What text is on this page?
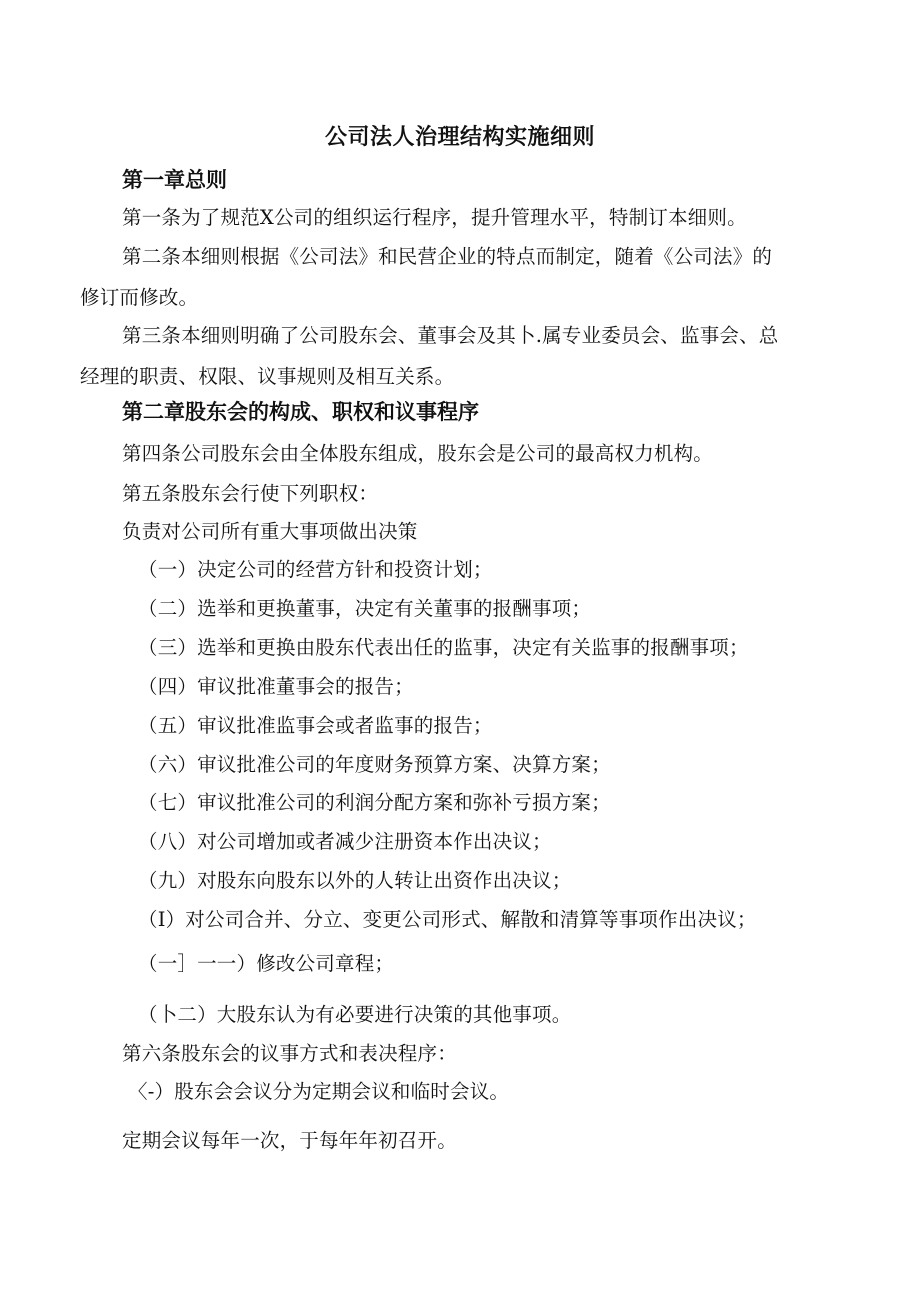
公司法人治理结构实施细则
第一章总则
第一条为了规范X公司的组织运行程序，提升管理水平，特制订本细则。
第二条本细则根据《公司法》和民营企业的特点而制定，随着《公司法》的
修订而修改。
第三条本细则明确了公司股东会、董事会及其卜.属专业委员会、监事会、总
经理的职责、权限、议事规则及相互关系。
第二章股东会的构成、职权和议事程序
第四条公司股东会由全体股东组成，股东会是公司的最高权力机构。
第五条股东会行使下列职权：
负责对公司所有重大事项做出决策
（一）决定公司的经营方针和投资计划；
（二）选举和更换董事，决定有关董事的报酬事项；
（三）选举和更换由股东代表出任的监事，决定有关监事的报酬事项；
（四）审议批准董事会的报告；
（五）审议批准监事会或者监事的报告；
（六）审议批准公司的年度财务预算方案、决算方案；
（七）审议批准公司的利润分配方案和弥补亏损方案；
（八）对公司增加或者减少注册资本作出决议；
（九）对股东向股东以外的人转让出资作出决议；
（I）对公司合并、分立、变更公司形式、解散和清算等事项作出决议；
（一］一一）修改公司章程；
（卜二）大股东认为有必要进行决策的其他事项。
第六条股东会的议事方式和表决程序：
〈-）股东会会议分为定期会议和临时会议。
定期会议每年一次，于每年年初召开。
